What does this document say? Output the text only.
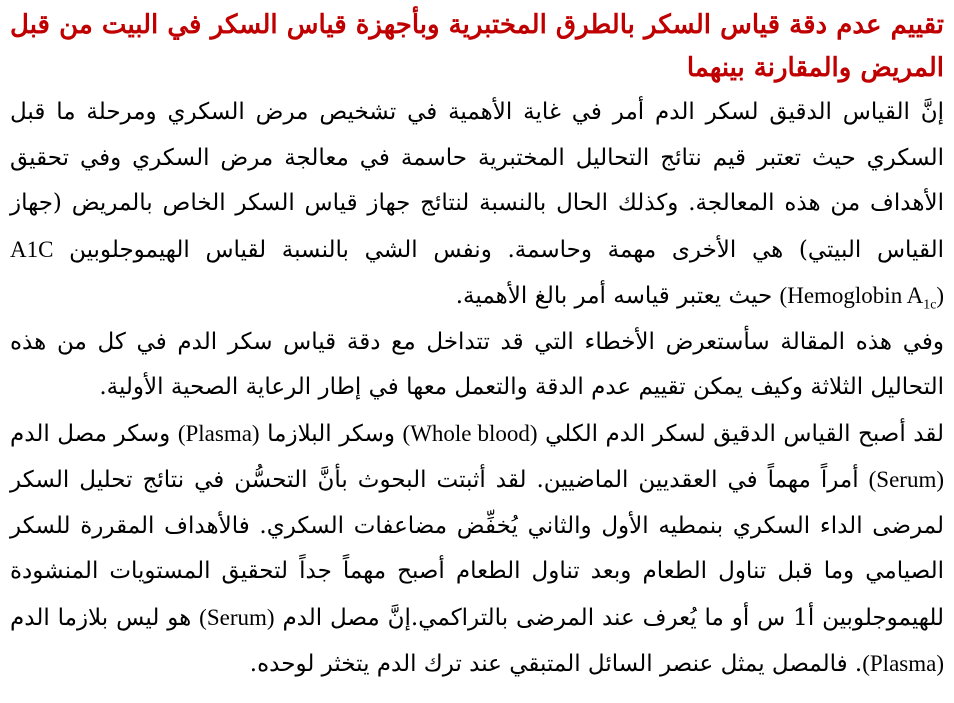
تقييم عدم دقة قياس السكر بالطرق المختبرية وبأجهزة قياس السكر في البيت من قبل المريض والمقارنة بينهما

إنَّ القياس الدقيق لسكر الدم أمر في غاية الأهمية في تشخيص مرض السكري ومرحلة ما قبل السكري حيث تعتبر قيم نتائج التحاليل المختبرية حاسمة في معالجة مرض السكري وفي تحقيق الأهداف من هذه المعالجة. وكذلك الحال بالنسبة لنتائج جهاز قياس السكر الخاص بالمريض (جهاز القياس البيتي) هي الأخرى مهمة وحاسمة. ونفس الشي بالنسبة لقياس الهيموجلوبين A1C (Hemoglobin $A_{1c}$) حيث يعتبر قياسه أمر بالغ الأهمية.

وفي هذه المقالة سأستعرض الأخطاء التي قد تتداخل مع دقة قياس سكر الدم في كل من هذه التحاليل الثلاثة وكيف يمكن تقييم عدم الدقة والتعمل معها في إطار الرعاية الصحية الأولية.

لقد أصبح القياس الدقيق لسكر الدم الكلي (Whole blood) وسكر البلازما (Plasma) وسكر مصل الدم (Serum) أمراً مهماً في العقديين الماضيين. لقد أثبتت البحوث بأنَّ التحسُّن في نتائج تحليل السكر لمرضى الداء السكري بنمطيه الأول والثاني يُخفِّض مضاعفات السكري. فالأهداف المقررة للسكر الصيامي وما قبل تناول الطعام وبعد تناول الطعام أصبح مهماً جداً لتحقيق المستويات المنشودة للهيموجلوبين أ1 س أو ما يُعرف عند المرضى بالتراكمي.إنَّ مصل الدم (Serum) هو ليس بلازما الدم (Plasma). فالمصل يمثل عنصر السائل المتبقي عند ترك الدم يتخثر لوحده.
